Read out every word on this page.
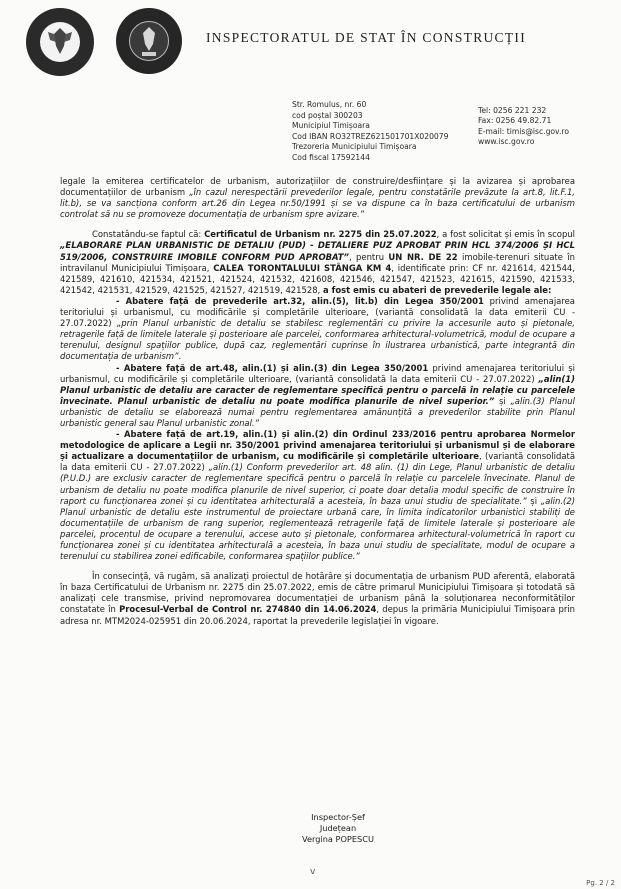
INSPECTORATUL DE STAT ÎN CONSTRUCȚII
Str. Romulus, nr. 60
cod poștal 300203
Municipiul Timișoara
Cod IBAN RO32TREZ621501701X020079
Trezoreria Municipiului Timișoara
Cod fiscal 17592144
Tel: 0256 221 232
Fax: 0256 49.82.71
E-mail: timis@isc.gov.ro
www.isc.gov.ro

legale la emiterea certificatelor de urbanism, autorizațiilor de construire/desființare și la avizarea și aprobarea documentațiilor de urbanism „în cazul nerespectării prevederilor legale, pentru constatările prevăzute la art.8, lit.F.1, lit.b), se va sancționa conform art.26 din Legea nr.50/1991 și se va dispune ca în baza certificatului de urbanism controlat să nu se promoveze documentația de urbanism spre avizare.”

Constatându-se faptul că: Certificatul de Urbanism nr. 2275 din 25.07.2022, a fost solicitat și emis în scopul „ELABORARE PLAN URBANISTIC DE DETALIU (PUD) - DETALIERE PUZ APROBAT PRIN HCL 374/2006 ȘI HCL 519/2006, CONSTRUIRE IMOBILE CONFORM PUD APROBAT”, pentru UN NR. DE 22 imobile-terenuri situate în intravilanul Municipiului Timișoara, CALEA TORONTALULUI STÂNGA KM 4, identificate prin: CF nr. 421614, 421544, 421589, 421610, 421534, 421521, 421524, 421532, 421608, 421546, 421547, 421523, 421615, 421590, 421533, 421542, 421531, 421529, 421525, 421527, 421519, 421528, a fost emis cu abateri de prevederile legale ale:

- Abatere față de prevederile art.32, alin.(5), lit.b) din Legea 350/2001 privind amenajarea teritoriului și urbanismul, cu modificările și completările ulterioare, (variantă consolidată la data emiterii CU - 27.07.2022) „prin Planul urbanistic de detaliu se stabilesc reglementări cu privire la accesurile auto și pietonale, retragerile față de limitele laterale și posterioare ale parcelei, conformarea arhitectural-volumetrică, modul de ocupare a terenului, designul spațiilor publice, după caz, reglementări cuprinse în ilustrarea urbanistică, parte integrantă din documentația de urbanism”.

- Abatere față de art.48, alin.(1) și alin.(3) din Legea 350/2001 privind amenajarea teritoriului și urbanismul, cu modificările și completările ulterioare, (variantă consolidată la data emiterii CU - 27.07.2022) „alin(1) Planul urbanistic de detaliu are caracter de reglementare specifică pentru o parcelă în relație cu parcelele învecinate. Planul urbanistic de detaliu nu poate modifica planurile de nivel superior.” și „alin.(3) Planul urbanistic de detaliu se elaborează numai pentru reglementarea amănunțită a prevederilor stabilite prin Planul urbanistic general sau Planul urbanistic zonal.”

- Abatere față de art.19, alin.(1) și alin.(2) din Ordinul 233/2016 pentru aprobarea Normelor metodologice de aplicare a Legii nr. 350/2001 privind amenajarea teritoriului și urbanismul și de elaborare și actualizare a documentațiilor de urbanism, cu modificările și completările ulterioare, (variantă consolidată la data emiterii CU - 27.07.2022) „alin.(1) Conform prevederilor art. 48 alin. (1) din Lege, Planul urbanistic de detaliu (P.U.D.) are exclusiv caracter de reglementare specifică pentru o parcelă în relație cu parcelele învecinate. Planul de urbanism de detaliu nu poate modifica planurile de nivel superior, ci poate doar detalia modul specific de construire în raport cu funcționarea zonei și cu identitatea arhitecturală a acesteia, în baza unui studiu de specialitate.” și „alin.(2) Planul urbanistic de detaliu este instrumentul de proiectare urbană care, în limita indicatorilor urbanistici stabiliți de documentațiile de urbanism de rang superior, reglementează retragerile față de limitele laterale și posterioare ale parcelei, procentul de ocupare a terenului, accese auto și pietonale, conformarea arhitectural-volumetrică în raport cu funcționarea zonei și cu identitatea arhitecturală a acesteia, în baza unui studiu de specialitate, modul de ocupare a terenului cu stabilirea zonei edificabile, conformarea spațiilor publice.”

În consecință, vă rugăm, să analizați proiectul de hotărâre și documentația de urbanism PUD aferentă, elaborată în baza Certificatului de Urbanism nr. 2275 din 25.07.2022, emis de către primarul Municipiului Timișoara și totodată să analizați cele transmise, privind nepromovarea documentației de urbanism până la soluționarea neconformităților constatate în Procesul-Verbal de Control nr. 274840 din 14.06.2024, depus la primăria Municipiului Timișoara prin adresa nr. MTM2024-025951 din 20.06.2024, raportat la prevederile legislației în vigoare.

Inspector-Șef Județean
Vergina POPESCU
v
Pg. 2 / 2
